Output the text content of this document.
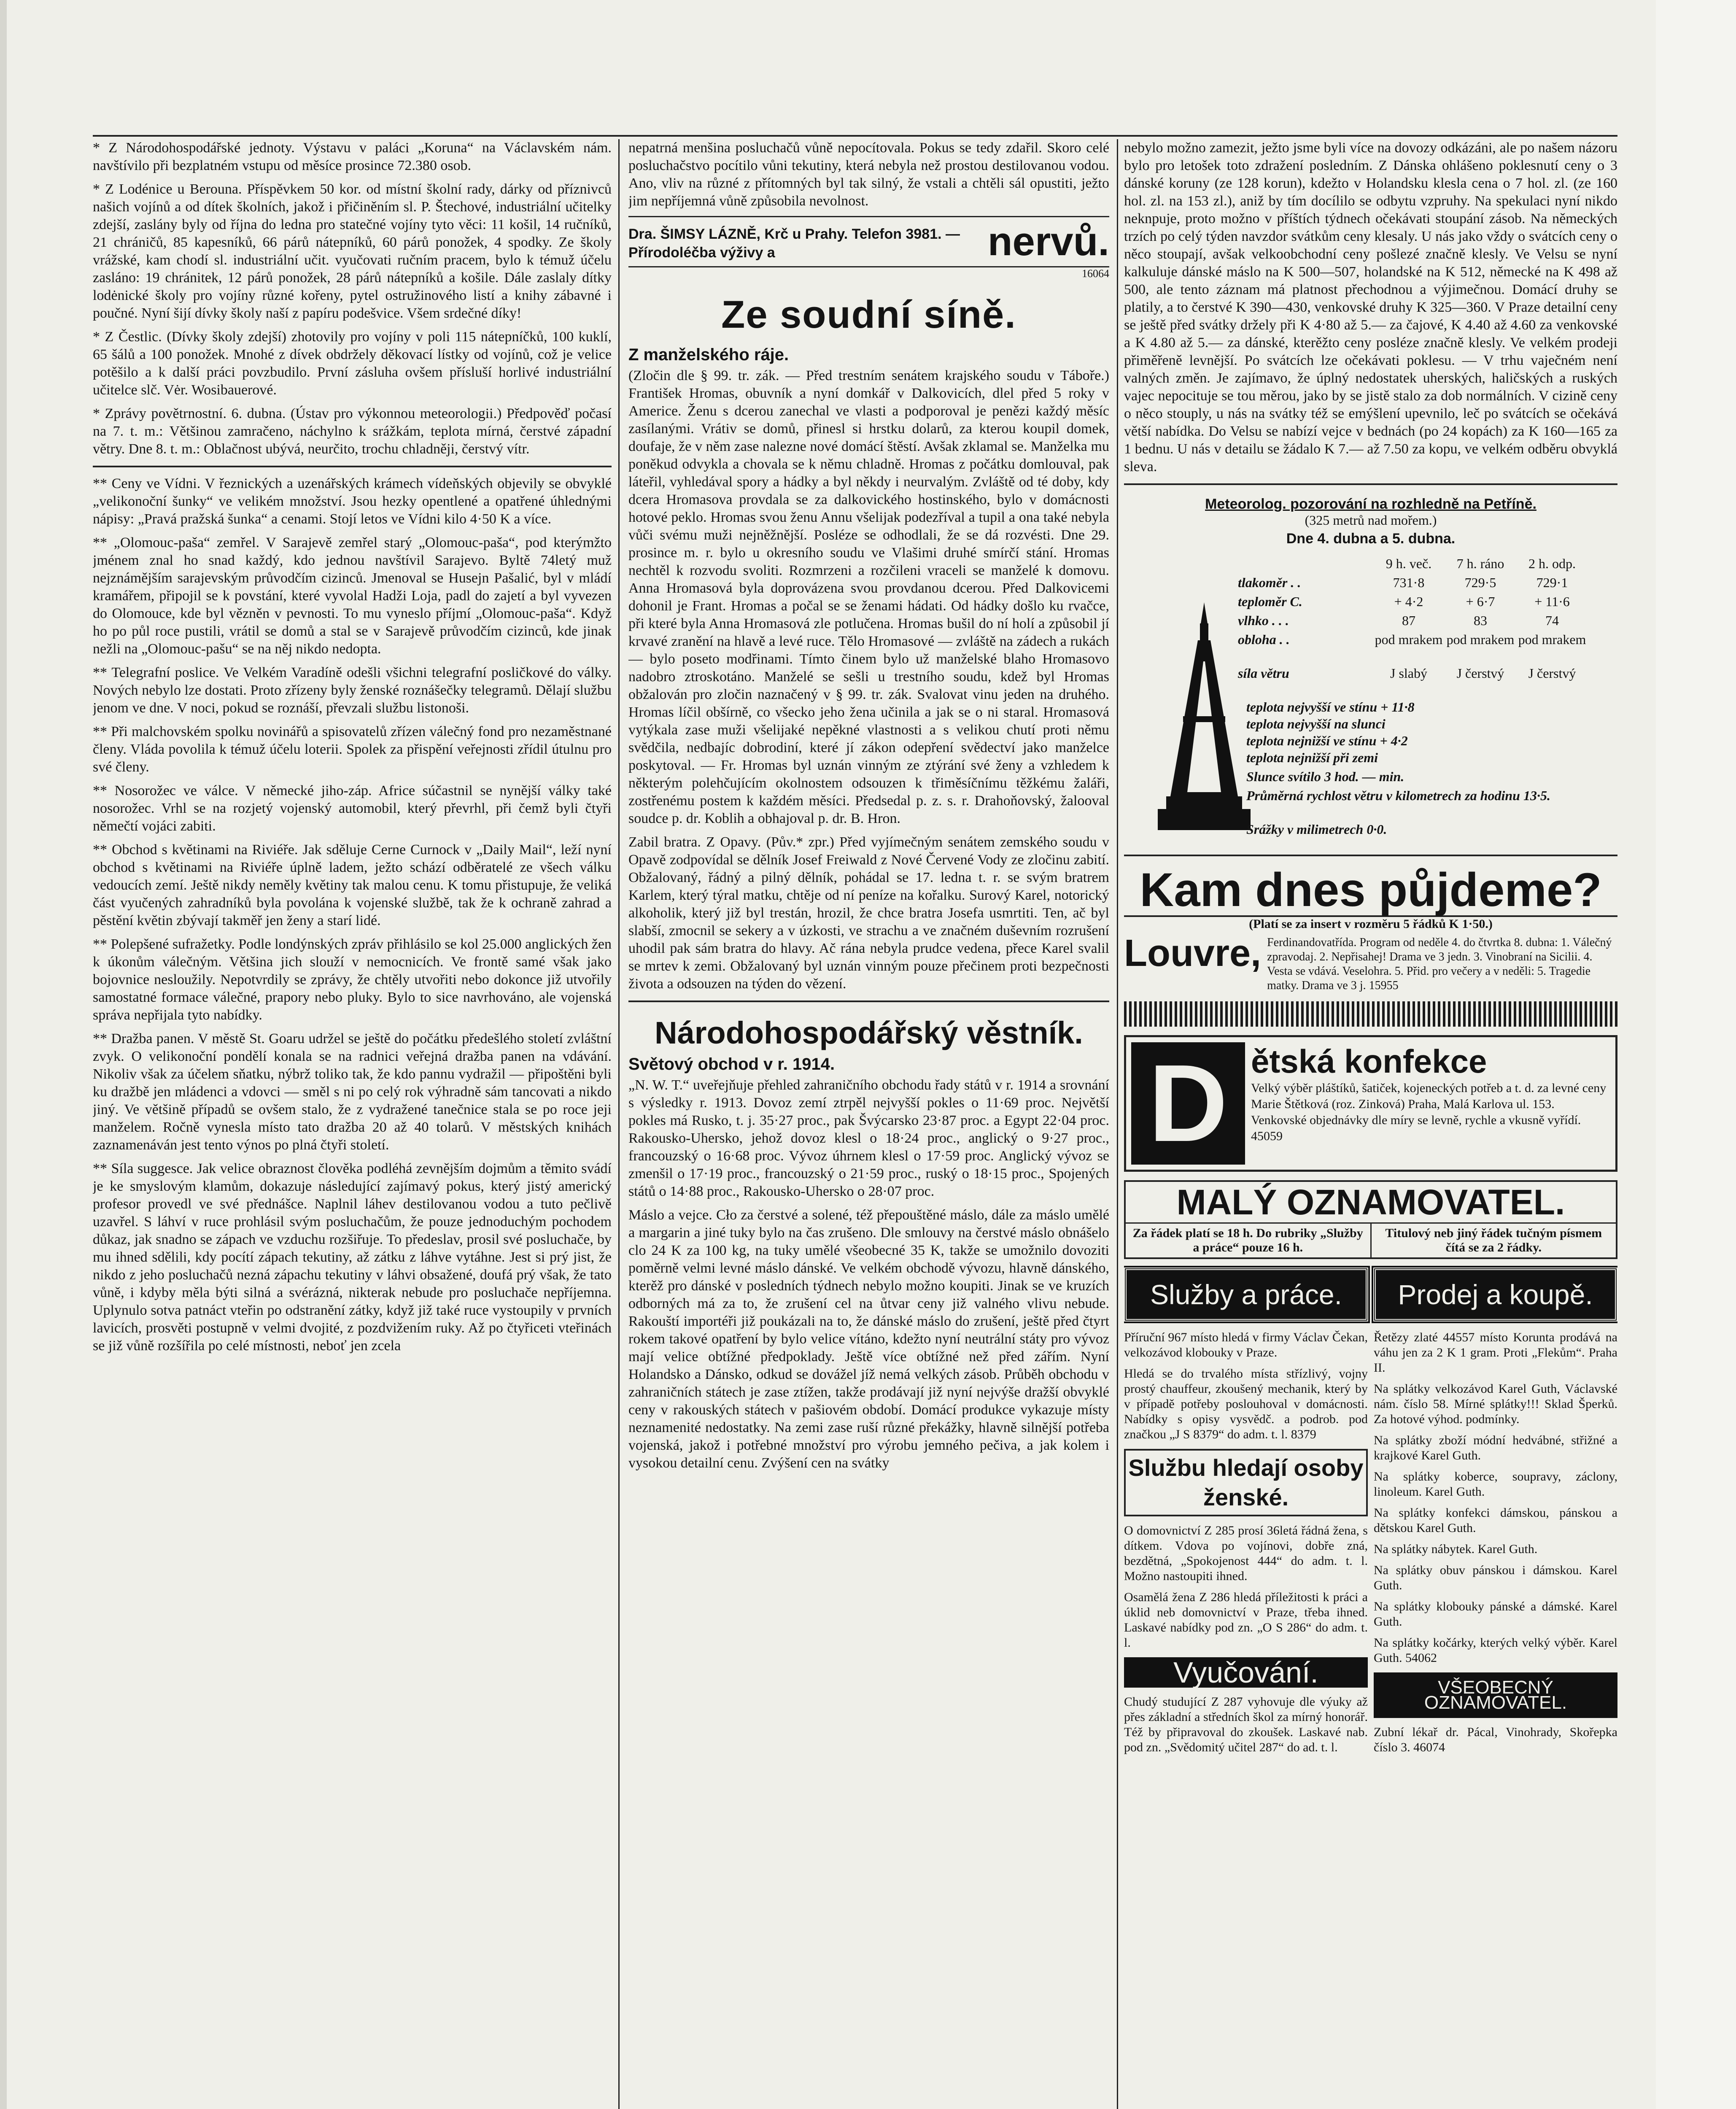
* Z Národohospodářské jednoty. Výstavu v paláci „Koruna“ na Václavském nám. navštívilo při bezplatném vstupu od měsíce prosince 72.380 osob.

* Z Lodénice u Berouna. Příspěvkem 50 kor. od místní školní rady, dárky od příznivců našich vojínů a od dítek školních, jakož i přičiněním sl. P. Štechové, industriální učitelky zdejší, zaslány byly od října do ledna pro statečné vojíny tyto věci: 11 košil, 14 ručníků, 21 chráničů, 85 kapesníků, 66 párů nátepníků, 60 párů ponožek, 4 spodky. Ze školy vrážské, kam chodí sl. industriální učit. vyučovati ručním pracem, bylo k témuž účelu zasláno: 19 chránitek, 12 párů ponožek, 28 párů nátepníků a košile. Dále zaslaly dítky lodėnické školy pro vojíny různé kořeny, pytel ostružinového listí a knihy zábavné i poučné. Nyní šijí dívky školy naší z papíru podešvice. Všem srdečné díky!

* Z Čestlic. (Dívky školy zdejší) zhotovily pro vojíny v poli 115 nátepníčků, 100 kuklí, 65 šálů a 100 ponožek. Mnohé z dívek obdržely děkovací lístky od vojínů, což je velice potěšilo a k další práci povzbudilo. První zásluha ovšem přísluší horlivé industriální učitelce slč. Vėr. Wosibauerové.

* Zprávy povětrnostní. 6. dubna. (Ústav pro výkonnou meteorologii.) Předpověď počasí na 7. t. m.: Většinou zamračeno, náchylno k srážkám, teplota mírná, čerstvé západní větry. Dne 8. t. m.: Oblačnost ubývá, neurčito, trochu chladněji, čerstvý vítr.

** Ceny ve Vídni. V řeznických a uzenářských krámech vídeňských objevily se obvyklé „velikonoční šunky“ ve velikém množství. Jsou hezky opentlené a opatřené úhlednými nápisy: „Pravá pražská šunka“ a cenami. Stojí letos ve Vídni kilo 4·50 K a více.

** „Olomouc-paša“ zemřel. V Sarajevě zemřel starý „Olomouc-paša“, pod kterýmžto jménem znal ho snad každý, kdo jednou navštívil Sarajevo. Byltě 74letý muž nejznámějším sarajevským průvodčím cizinců. Jmenoval se Husejn Pašalić, byl v mládí kramářem, připojil se k povstání, které vyvolal Hadži Loja, padl do zajetí a byl vyvezen do Olomouce, kde byl vězněn v pevnosti. To mu vyneslo příjmí „Olomouc-paša“. Když ho po půl roce pustili, vrátil se domů a stal se v Sarajevě průvodčím cizinců, kde jinak nežli na „Olomouc-pašu“ se na něj nikdo nedopta.

** Telegrafní poslice. Ve Velkém Varadíně odešli všichni telegrafní posličkové do války. Nových nebylo lze dostati. Proto zřízeny byly ženské roznášečky telegramů. Dělají službu jenom ve dne. V noci, pokud se roznáší, převzali službu listonoši.

** Při malchovském spolku novinářů a spisovatelů zřízen válečný fond pro nezaměstnané členy. Vláda povolila k témuž účelu loterii. Spolek za přispění veřejnosti zřídil útulnu pro své členy.

** Nosorožec ve válce. V německé jiho-záp. Africe súčastnil se nynější války také nosorožec. Vrhl se na rozjetý vojenský automobil, který převrhl, při čemž byli čtyři němečtí vojáci zabiti.

** Obchod s květinami na Riviéře. Jak sděluje Cerne Curnock v „Daily Mail“, leží nyní obchod s květinami na Riviéře úplně ladem, ježto schází odběratelé ze všech válku vedoucích zemí. Ještě nikdy neměly květiny tak malou cenu. K tomu přistupuje, že veliká část vyučených zahradníků byla povolána k vojenské službě, tak že k ochraně zahrad a pěstění květin zbývají takměř jen ženy a starí lidé.

** Polepšené sufražetky. Podle londýnských zpráv přihlásilo se kol 25.000 anglických žen k úkonům válečným. Většina jich slouží v nemocnicích. Ve frontě samé však jako bojovnice nesloužily. Nepotvrdily se zprávy, že chtěly utvořiti nebo dokonce již utvořily samostatné formace válečné, prapory nebo pluky. Bylo to sice navrhováno, ale vojenská správa nepřijala tyto nabídky.

** Dražba panen. V městě St. Goaru udržel se ještě do počátku předešlého století zvláštní zvyk. O velikonoční pondělí konala se na radnici veřejná dražba panen na vdávání. Nikoliv však za účelem sňatku, nýbrž toliko tak, že kdo pannu vydražil — připoštěni byli ku dražbě jen mládenci a vdovci — směl s ni po celý rok výhradně sám tancovati a nikdo jiný. Ve většině případů se ovšem stalo, že z vydražené tanečnice stala se po roce jeji manželem. Ročně vynesla místo tato dražba 20 až 40 tolarů. V městských knihách zaznamenáván jest tento výnos po plná čtyři století.

** Síla suggesce. Jak velice obraznost člověka podléhá zevnějším dojmům a těmito svádí je ke smyslovým klamům, dokazuje následující zajímavý pokus, který jistý americký profesor provedl ve své přednášce. Naplnil láhev destilovanou vodou a tuto pečlivě uzavřel. S láhví v ruce prohlásil svým posluchačům, že pouze jednoduchým pochodem důkaz, jak snadno se zápach ve vzduchu rozšiřuje. To předeslav, prosil své posluchače, by mu ihned sdělili, kdy pocítí zápach tekutiny, až zátku z láhve vytáhne. Jest si prý jist, že nikdo z jeho posluchačů nezná zápachu tekutiny v láhvi obsažené, doufá prý však, že tato vůně, i kdyby měla býti silná a svérázná, nikterak nebude pro posluchače nepříjemna. Uplynulo sotva patnáct vteřin po odstranění zátky, když již také ruce vystoupily v prvních lavicích, prosvěti postupně v velmi dvojité, z pozdvižením ruky. Až po čtyřiceti vteřinách se již vůně rozšířila po celé místnosti, neboť jen zcela

nepatrná menšina posluchačů vůně nepocítovala. Pokus se tedy zdařil. Skoro celé posluchačstvo pocítilo vůni tekutiny, která nebyla než prostou destilovanou vodou. Ano, vliv na různé z přítomných byl tak silný, že vstali a chtěli sál opustiti, ježto jim nepříjemná vůně způsobila nevolnost.

Dra. ŠIMSY LÁZNĚ, Krč u Prahy. Telefon 3981. — Přírodoléčba výživy a	nervů.
16064
Ze soudní síně.
Z manželského ráje.

(Zločin dle § 99. tr. zák. — Před trestním senátem krajského soudu v Táboře.) František Hromas, obuvník a nyní domkář v Dalkovicích, dlel před 5 roky v Americe. Ženu s dcerou zanechal ve vlasti a podporoval je penězi každý měsíc zasílanými. Vrátiv se domů, přinesl si hrstku dolarů, za kterou koupil domek, doufaje, že v něm zase nalezne nové domácí štěstí. Avšak zklamal se. Manželka mu poněkud odvykla a chovala se k němu chladně. Hromas z počátku domlouval, pak láteřil, vyhledával spory a hádky a byl někdy i neurvalým. Zvláště od té doby, kdy dcera Hromasova provdala se za dalkovického hostinského, bylo v domácnosti hotové peklo. Hromas svou ženu Annu všelijak podezříval a tupil a ona také nebyla vůči svému muži nejněžnější. Posléze se odhodlali, že se dá rozvésti. Dne 29. prosince m. r. bylo u okresního soudu ve Vlašimi druhé smírčí stání. Hromas nechtěl k rozvodu svoliti. Rozmrzeni a rozčileni vraceli se manželé k domovu. Anna Hromasová byla doprovázena svou provdanou dcerou. Před Dalkovicemi dohonil je Frant. Hromas a počal se se ženami hádati. Od hádky došlo ku rvačce, při které byla Anna Hromasová zle potlučena. Hromas bušil do ní holí a způsobil jí krvavé zranění na hlavě a levé ruce. Tělo Hromasové — zvláště na zádech a rukách — bylo poseto modřinami. Tímto činem bylo už manželské blaho Hromasovo nadobro ztroskotáno. Manželé se sešli u trestního soudu, kdež byl Hromas obžalován pro zločin naznačený v § 99. tr. zák. Svalovat vinu jeden na druhého. Hromas líčil obšírně, co všecko jeho žena učinila a jak se o ni staral. Hromasová vytýkala zase muži všelijaké nepěkné vlastnosti a s velikou chutí proti němu svědčila, nedbajíc dobrodiní, které jí zákon odepření svědectví jako manželce poskytoval. — Fr. Hromas byl uznán vinným ze ztýrání své ženy a vzhledem k některým polehčujícím okolnostem odsouzen k třiměsíčnímu těžkému žaláři, zostřenému postem k každém měsíci. Předsedal p. z. s. r. Drahoňovský, žalooval soudce p. dr. Koblih a obhajoval p. dr. B. Hron.

Zabil bratra. Z Opavy. (Pův.* zpr.) Před vyjímečným senátem zemského soudu v Opavě zodpovídal se dělník Josef Freiwald z Nové Červené Vody ze zločinu zabití. Obžalovaný, řádný a pilný dělník, pohádal se 17. ledna t. r. se svým bratrem Karlem, který týral matku, chtěje od ní peníze na kořalku. Surový Karel, notorický alkoholik, který již byl trestán, hrozil, že chce bratra Josefa usmrtiti. Ten, ač byl slabší, zmocnil se sekery a v úzkosti, ve strachu a ve značném duševním rozrušení uhodil pak sám bratra do hlavy. Ač rána nebyla prudce vedena, přece Karel svalil se mrtev k zemi. Obžalovaný byl uznán vinným pouze přečinem proti bezpečnosti života a odsouzen na týden do vězení.

Národohospodářský věstník.
Světový obchod v r. 1914.

„N. W. T.“ uveřejňuje přehled zahraničního obchodu řady států v r. 1914 a srovnání s výsledky r. 1913. Dovoz zemí ztrpěl nejvyšší pokles o 11·69 proc. Největší pokles má Rusko, t. j. 35·27 proc., pak Švýcarsko 23·87 proc. a Egypt 22·04 proc. Rakousko-Uhersko, jehož dovoz klesl o 18·24 proc., anglický o 9·27 proc., francouzský o 16·68 proc. Vývoz úhrnem klesl o 17·59 proc. Anglický vývoz se zmenšil o 17·19 proc., francouzský o 21·59 proc., ruský o 18·15 proc., Spojených států o 14·88 proc., Rakousko-Uhersko o 28·07 proc.

Máslo a vejce. Cło za čerstvé a solené, též přepouštěné máslo, dále za máslo umělé a margarin a jiné tuky bylo na čas zrušeno. Dle smlouvy na čerstvé máslo obnášelo clo 24 K za 100 kg, na tuky umělé všeobecné 35 K, takže se umožnilo dovoziti poměrně velmi levné máslo dánské. Ve velkém obchodě vývozu, hlavně dánského, kterěž pro dánské v posledních týdnech nebylo možno koupiti. Jinak se ve kruzích odborných má za to, že zrušení cel na ůtvar ceny již valného vlivu nebude. Rakouští importéři již poukázali na to, že dánské máslo do zrušení, ještě před čtyrt rokem takové opatření by bylo velice vítáno, kdežto nyní neutrální státy pro vývoz mají velice obtížné předpoklady. Ještě více obtížné než před zářím. Nyní Holandsko a Dánsko, odkud se dovážel jíž nemá velkých zásob. Průběh obchodu v zahraničních státech je zase ztížen, takže prodávají již nyní nejvýše dražší obvyklé ceny v rakouských státech v pašiovém období. Domácí produkce vykazuje místy neznamenité nedostatky. Na zemi zase ruší různé překážky, hlavně silnější potřeba vojenská, jakož i potřebné množství pro výrobu jemného pečiva, a jak kolem i vysokou detailní cenu. Zvýšení cen na svátky

nebylo možno zamezit, ježto jsme byli více na dovozy odkázáni, ale po našem názoru bylo pro letošek toto zdražení posledním. Z Dánska ohlášeno poklesnutí ceny o 3 dánské koruny (ze 128 korun), kdežto v Holandsku klesla cena o 7 hol. zl. (ze 160 hol. zl. na 153 zl.), aniž by tím docílilo se odbytu vzpruhy. Na spekulaci nyní nikdo neknpuje, proto možno v příštích týdnech očekávati stoupání zásob. Na německých trzích po celý týden navzdor svátkům ceny klesaly. U nás jako vždy o svátcích ceny o něco stoupají, avšak velkoobchodní ceny pošlezé značně klesly. Ve Velsu se nyní kalkuluje dánské máslo na K 500—507, holandské na K 512, německé na K 498 až 500, ale tento záznam má platnost přechodnou a výjimečnou. Domácí druhy se platily, a to čerstvé K 390—430, venkovské druhy K 325—360. V Praze detailní ceny se ještě před svátky držely při K 4·80 až 5.— za čajové, K 4.40 až 4.60 za venkovské a K 4.80 až 5.— za dánské, kterěžto ceny posléze značně klesly. Ve velkém prodeji přiměřeně levnější. Po svátcích lze očekávati poklesu. — V trhu vaječném není valných změn. Je zajímavo, že úplný nedostatek uherských, haličských a ruských vajec nepocituje se tou měrou, jako by se jistě stalo za dob normálních. V cizině ceny o něco stouply, u nás na svátky též se emýšlení upevnilo, leč po svátcích se očekává větší nabídka. Do Velsu se nabízí vejce v bednách (po 24 kopách) za K 160—165 za 1 bednu. U nás v detailu se žádalo K 7.— až 7.50 za kopu, ve velkém odběru obvyklá sleva.

Meteorolog. pozorování na rozhledně na Petříně.
(325 metrů nad mořem.)
Dne 4. dubna a 5. dubna.
9 h. več.	7 h. ráno	2 h. odp.
tlakoměr . .	731·8	729·5	729·1
teploměr C.	+ 4·2	+ 6·7	+ 11·6
vlhko . . .	87	83	74
obloha . .	pod mrakem pod mrakem pod mrakem
síla větru	J slabý	J čerstvý	J čerstvý
teplota nejvyšší ve stínu + 11·8
teplota nejvyšší na slunci
teplota nejnižší ve stínu + 4·2
teplota nejnižší při zemi
Slunce svítilo 3 hod. — min.
Průměrná rychlost větru v kilometrech za hodinu 13·5.
Srážky v milimetrech 0·0.
Kam dnes půjdeme?
(Platí se za insert v rozměru 5 řádků K 1·50.)
Louvre, Ferdinandovatřída. Program od neděle 4. do čtvrtka 8. dubna: 1. Válečný zpravodaj. 2. Nepřisahej! Drama ve 3 jedn. 3. Vinobraní na Sicilii. 4. Vesta se vdává. Veselohra. 5. Přid. pro večery a v neděli: 5. Tragedie matky. Drama ve 3 j. 15955
D ětská konfekce
Velký výběr pláštíků, šatiček, kojeneckých potřeb a t. d. za levné ceny Marie Štětková (roz. Zinková) Praha, Malá Karlova ul. 153. Venkovské objednávky dle míry se levně, rychle a vkusně vyřídí. 45059
MALÝ OZNAMOVATEL.
Za řádek platí se 18 h. Do rubriky „Služby a práce“ pouze 16 h.
Titulový neb jiný řádek tučným písmem čítá se za 2 řádky.
Služby a práce.	Prodej a koupě.

Příruční 967 místo hledá v firmy Václav Čekan, velkozávod klobouky v Praze.

Hledá se do trvalého místa střízlivý, vojny prostý chauffeur, zkoušený mechanik, který by v případě potřeby poslouhoval v domácnosti. Nabídky s opisy vysvědč. a podrob. pod značkou „J S 8379“ do adm. t. l. 8379

Službu hledají osoby ženské.

O domovnictví Z 285 prosí 36letá řádná žena, s dítkem. Vdova po vojínovi, dobře zná, bezdětná, „Spokojenost 444“ do adm. t. l. Možno nastoupiti ihned.

Osamělá žena Z 286 hledá příležitosti k práci a úklid neb domovnictví v Praze, třeba ihned. Laskavé nabídky pod zn. „O S 286“ do adm. t. l.

Vyučování.

Chudý studující Z 287 vyhovuje dle výuky až přes základní a středních škol za mírný honorář. Též by připravoval do zkoušek. Laskavé nab. pod zn. „Svědomitý učitel 287“ do ad. t. l.

Řetězy zlaté 44557 místo Korunta prodává na váhu jen za 2 K 1 gram. Proti „Flekům“. Praha II.

Na splátky velkozávod Karel Guth, Václavské nám. číslo 58. Mírné splátky!!! Sklad Šperků. Za hotové výhod. podmínky.

Na splátky zboží módní hedvábné, střižné a krajkové Karel Guth.

Na splátky koberce, soupravy, záclony, linoleum. Karel Guth.

Na splátky konfekci dámskou, pánskou a dětskou Karel Guth.

Na splátky nábytek. Karel Guth.

Na splátky obuv pánskou i dámskou. Karel Guth.

Na splátky klobouky pánské a dámské. Karel Guth.

Na splátky kočárky, kterých velký výběr. Karel Guth. 54062

VŠEOBECNÝ OZNAMOVATEL.

Zubní lékař dr. Pácal, Vinohrady, Skořepka číslo 3. 46074
